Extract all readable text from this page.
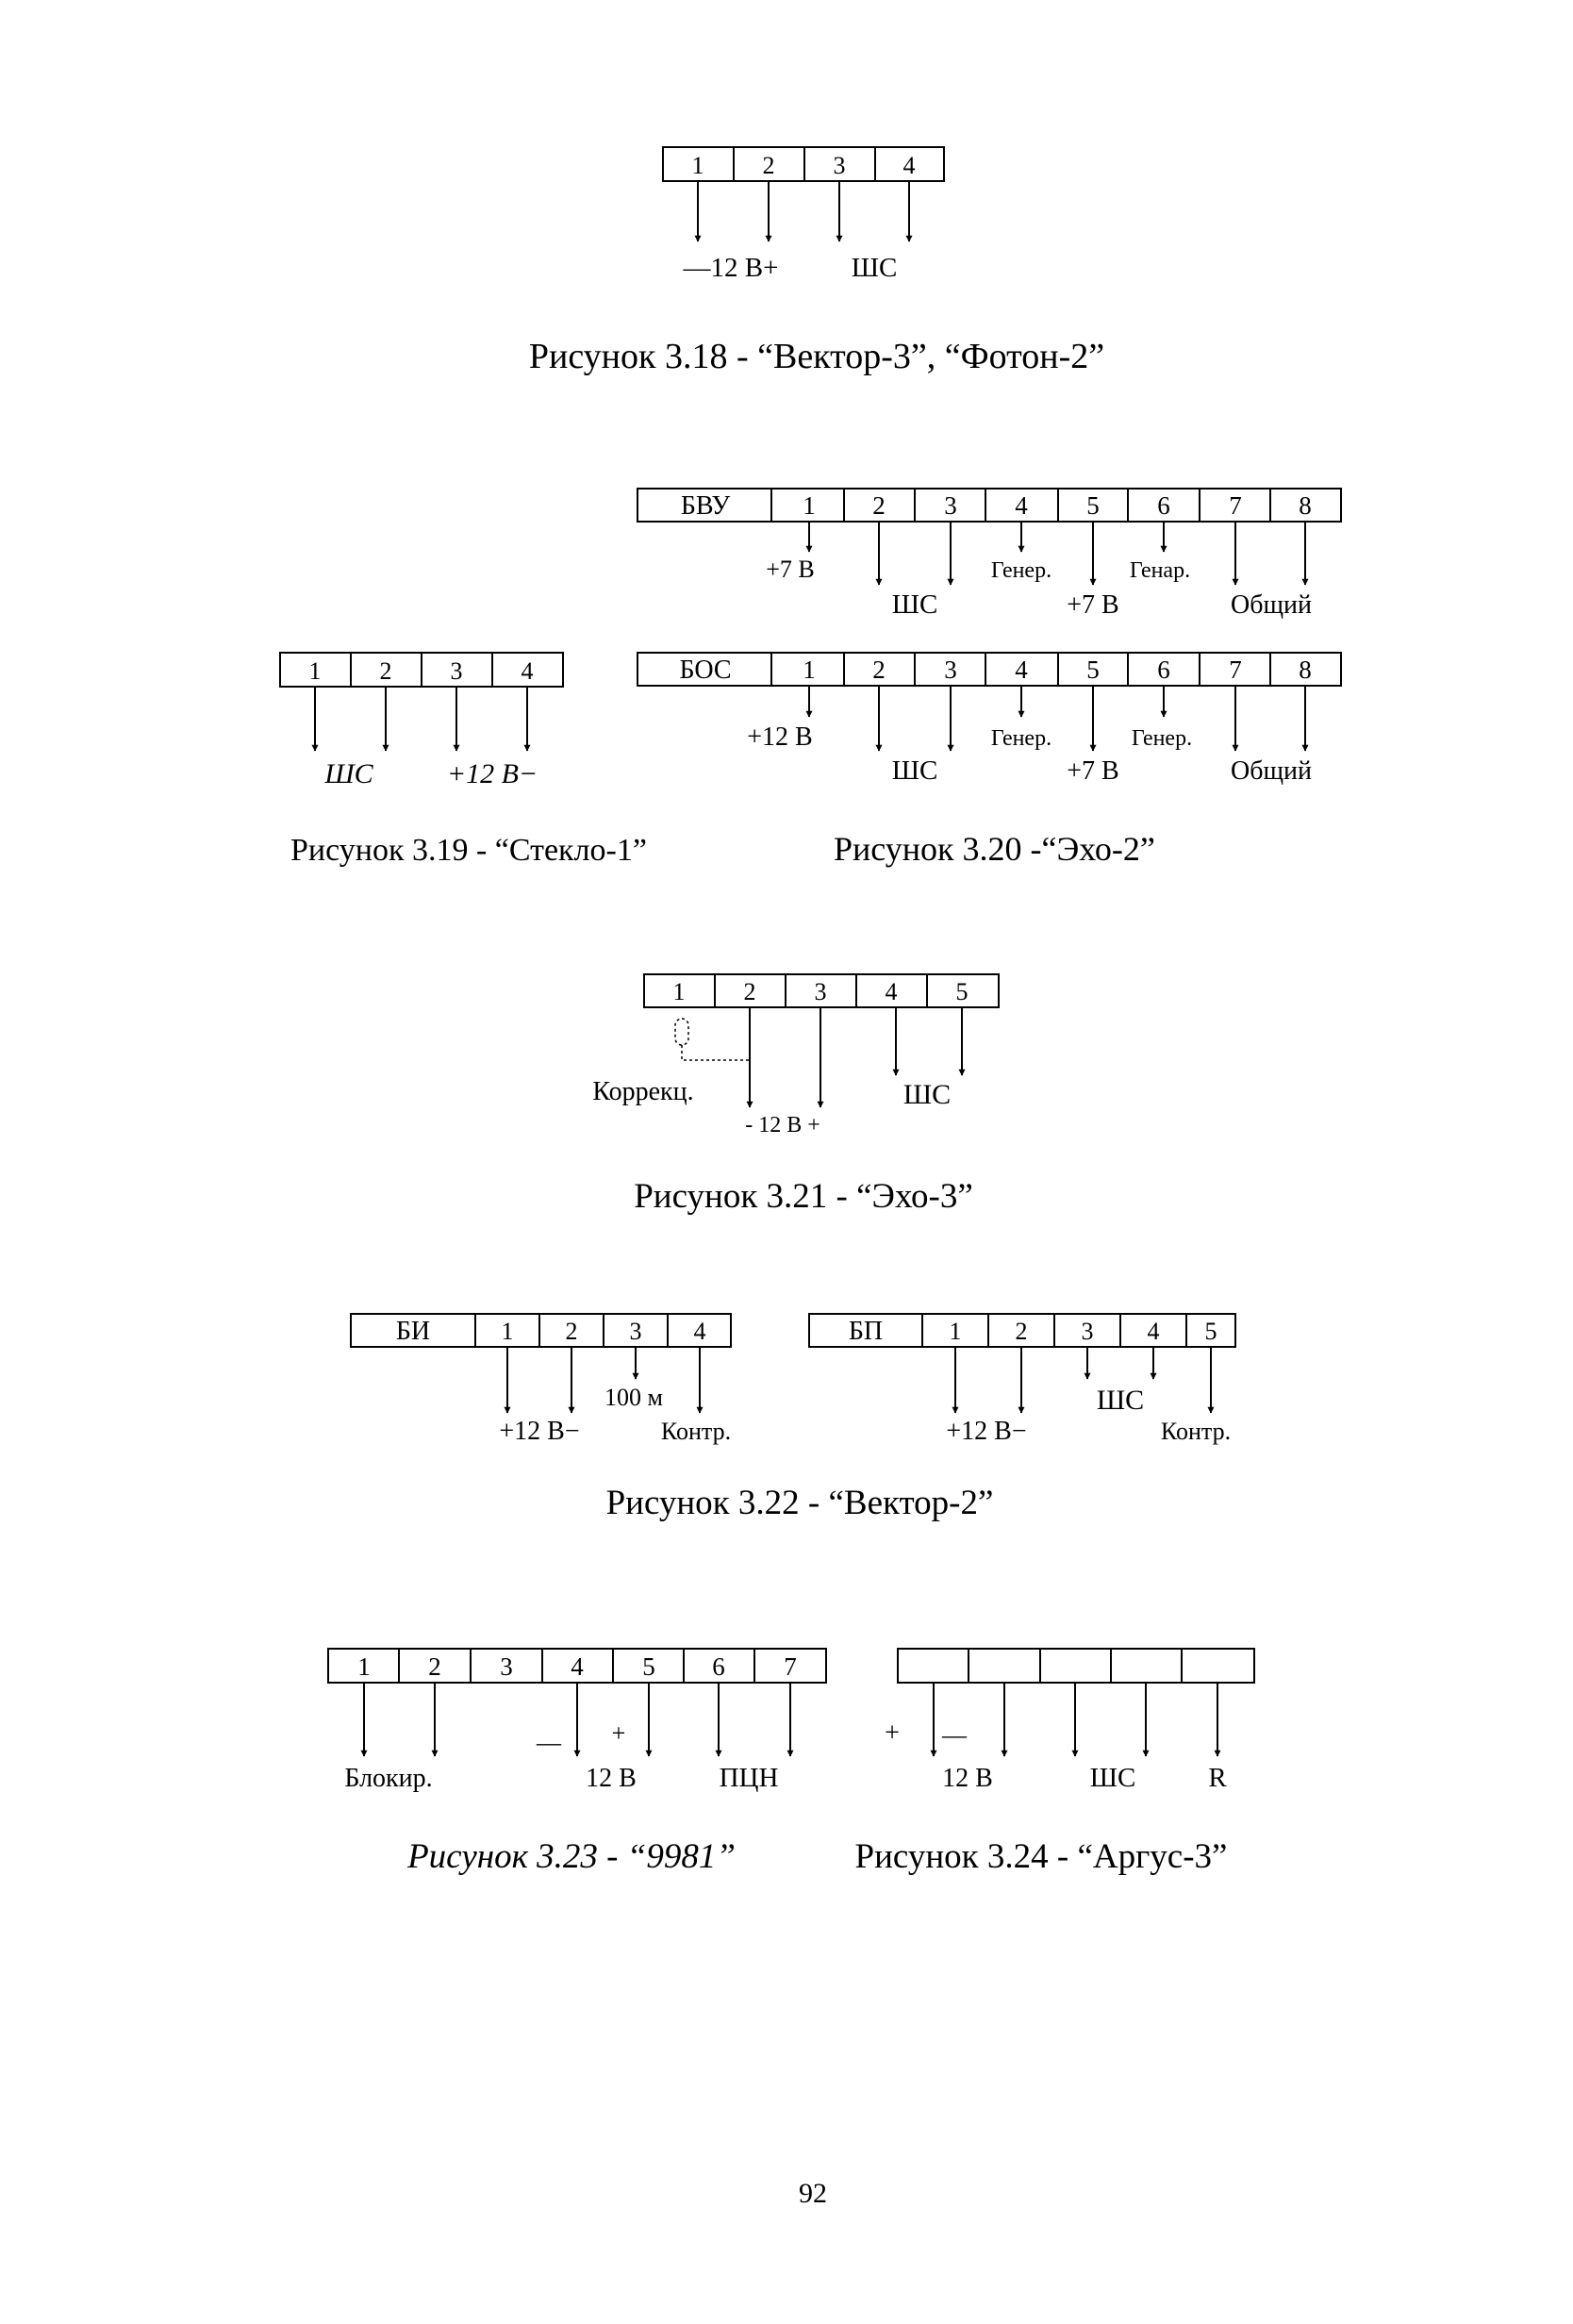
1 2 3 4
—12 В+	ШС
Рисунок 3.18 - “Вектор-3”, “Фотон-2”
БВУ	1 2 3 4 5 6 7 8
+7 В
ШС
Генер.
+7 В
Генар.
Общий
1 2 3 4
ШС	+12 В−
Рисунок 3.19 - “Стекло-1”
БОС	1 2 3 4 5 6 7 8
+12 В
ШС
Генер.
+7 В
Генер.
Общий
Рисунок 3.20 -“Эхо-2”
1 2 3 4 5
Коррекц.
- 12 В +
ШС
Рисунок 3.21 - “Эхо-3”
БИ	1 2 3 4
100 м
+12 В−	Контр.
БП	1 2 3 4 5
ШС
+12 В−	Контр.
Рисунок 3.22 - “Вектор-2”
1 2 3 4 5 6 7
— +
Блокир.	12 В	ПЦН
Рисунок 3.23 - “9981”
+ —
12 В	ШС	R
Рисунок 3.24 - “Аргус-3”
92
